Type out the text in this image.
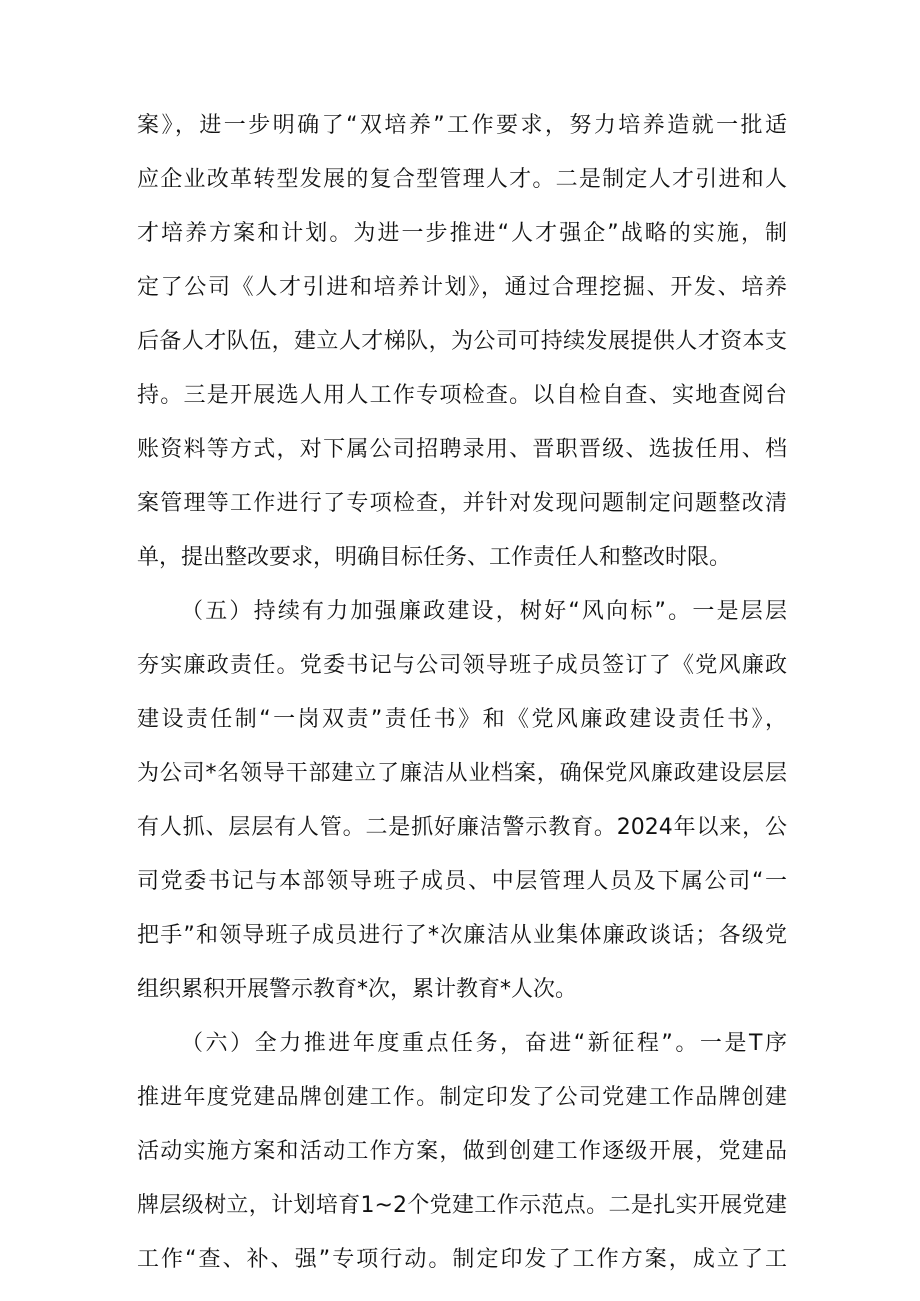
案》，进一步明确了“双培养”工作要求，努力培养造就一批适
应企业改革转型发展的复合型管理人才。二是制定人才引进和人
才培养方案和计划。为进一步推进“人才强企”战略的实施，制
定了公司《人才引进和培养计划》，通过合理挖掘、开发、培养
后备人才队伍，建立人才梯队，为公司可持续发展提供人才资本支
持。三是开展选人用人工作专项检查。以自检自查、实地查阅台
账资料等方式，对下属公司招聘录用、晋职晋级、选拔任用、档
案管理等工作进行了专项检查，并针对发现问题制定问题整改清
单，提出整改要求，明确目标任务、工作责任人和整改时限。
（五）持续有力加强廉政建设，树好“风向标”。一是层层
夯实廉政责任。党委书记与公司领导班子成员签订了《党风廉政
建设责任制“一岗双责”责任书》和《党风廉政建设责任书》，
为公司*名领导干部建立了廉洁从业档案，确保党风廉政建设层层
有人抓、层层有人管。二是抓好廉洁警示教育。2024年以来，公
司党委书记与本部领导班子成员、中层管理人员及下属公司“一
把手”和领导班子成员进行了*次廉洁从业集体廉政谈话；各级党
组织累积开展警示教育*次，累计教育*人次。
（六）全力推进年度重点任务，奋进“新征程”。一是T序
推进年度党建品牌创建工作。制定印发了公司党建工作品牌创建
活动实施方案和活动工作方案，做到创建工作逐级开展，党建品
牌层级树立，计划培育1~2个党建工作示范点。二是扎实开展党建
工作“查、补、强”专项行动。制定印发了工作方案，成立了工
